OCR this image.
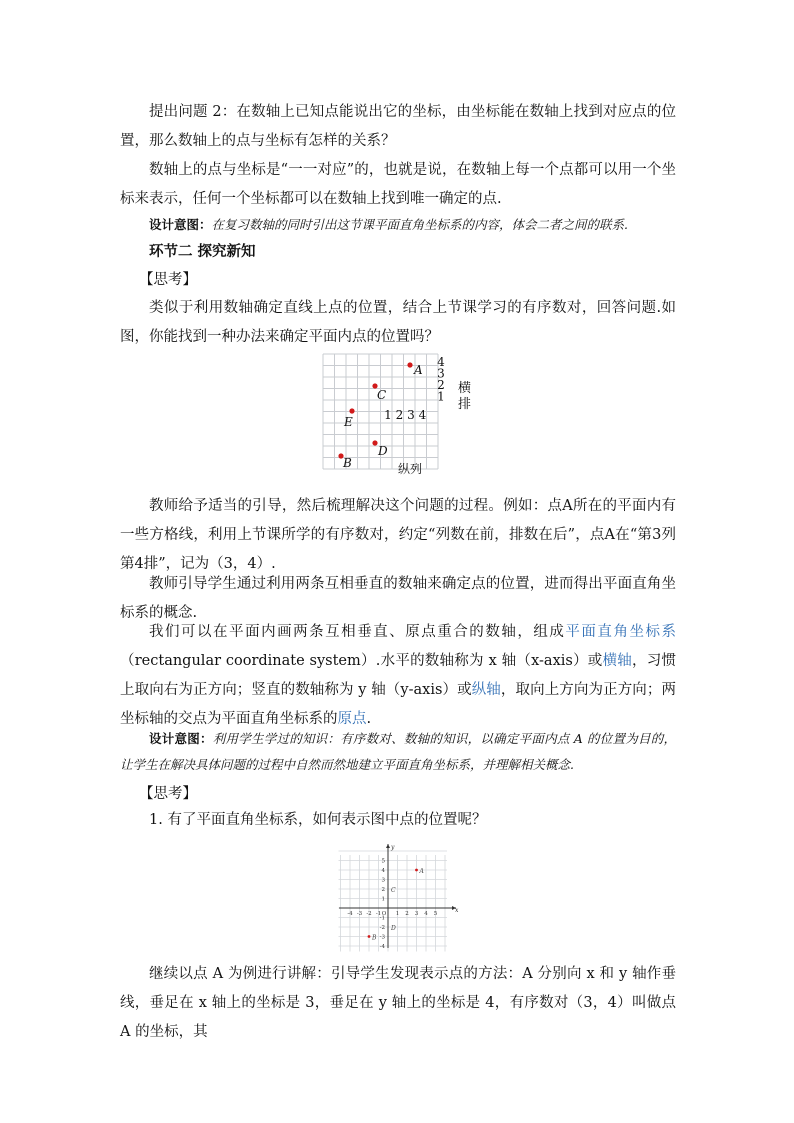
提出问题 2：在数轴上已知点能说出它的坐标，由坐标能在数轴上找到对应点的位置，那么数轴上的点与坐标有怎样的关系？

数轴上的点与坐标是“一一对应”的，也就是说，在数轴上每一个点都可以用一个坐标来表示，任何一个坐标都可以在数轴上找到唯一确定的点.

设计意图：在复习数轴的同时引出这节课平面直角坐标系的内容，体会二者之间的联系.

环节二 探究新知

【思考】

类似于利用数轴确定直线上点的位置，结合上节课学习的有序数对，回答问题.如图，你能找到一种办法来确定平面内点的位置吗？

4
3
2
1
1 2 3 4
A
C
E
D
B	纵列
横
排

教师给予适当的引导，然后梳理解决这个问题的过程。例如：点A所在的平面内有一些方格线，利用上节课所学的有序数对，约定“列数在前，排数在后”，点A在“第3列第4排”，记为（3，4）.

教师引导学生通过利用两条互相垂直的数轴来确定点的位置，进而得出平面直角坐标系的概念.

我们可以在平面内画两条互相垂直、原点重合的数轴，组成平面直角坐标系（rectangular coordinate system）.水平的数轴称为 x 轴（x-axis）或横轴，习惯上取向右为正方向；竖直的数轴称为 y 轴（y-axis）或纵轴，取向上方向为正方向；两坐标轴的交点为平面直角坐标系的原点.

设计意图：利用学生学过的知识：有序数对、数轴的知识，以确定平面内点 A 的位置为目的，让学生在解决具体问题的过程中自然而然地建立平面直角坐标系，并理解相关概念.

【思考】

1. 有了平面直角坐标系，如何表示图中点的位置呢？

x
y
-4 -3 -2 -1 O 1 2 3 4 5
5
4
3
2
1
-1
-2
-3
-4
A
C
B
D

继续以点 A 为例进行讲解：引导学生发现表示点的方法：A 分别向 x 和 y 轴作垂线，垂足在 x 轴上的坐标是 3，垂足在 y 轴上的坐标是 4，有序数对（3，4）叫做点 A 的坐标，其
